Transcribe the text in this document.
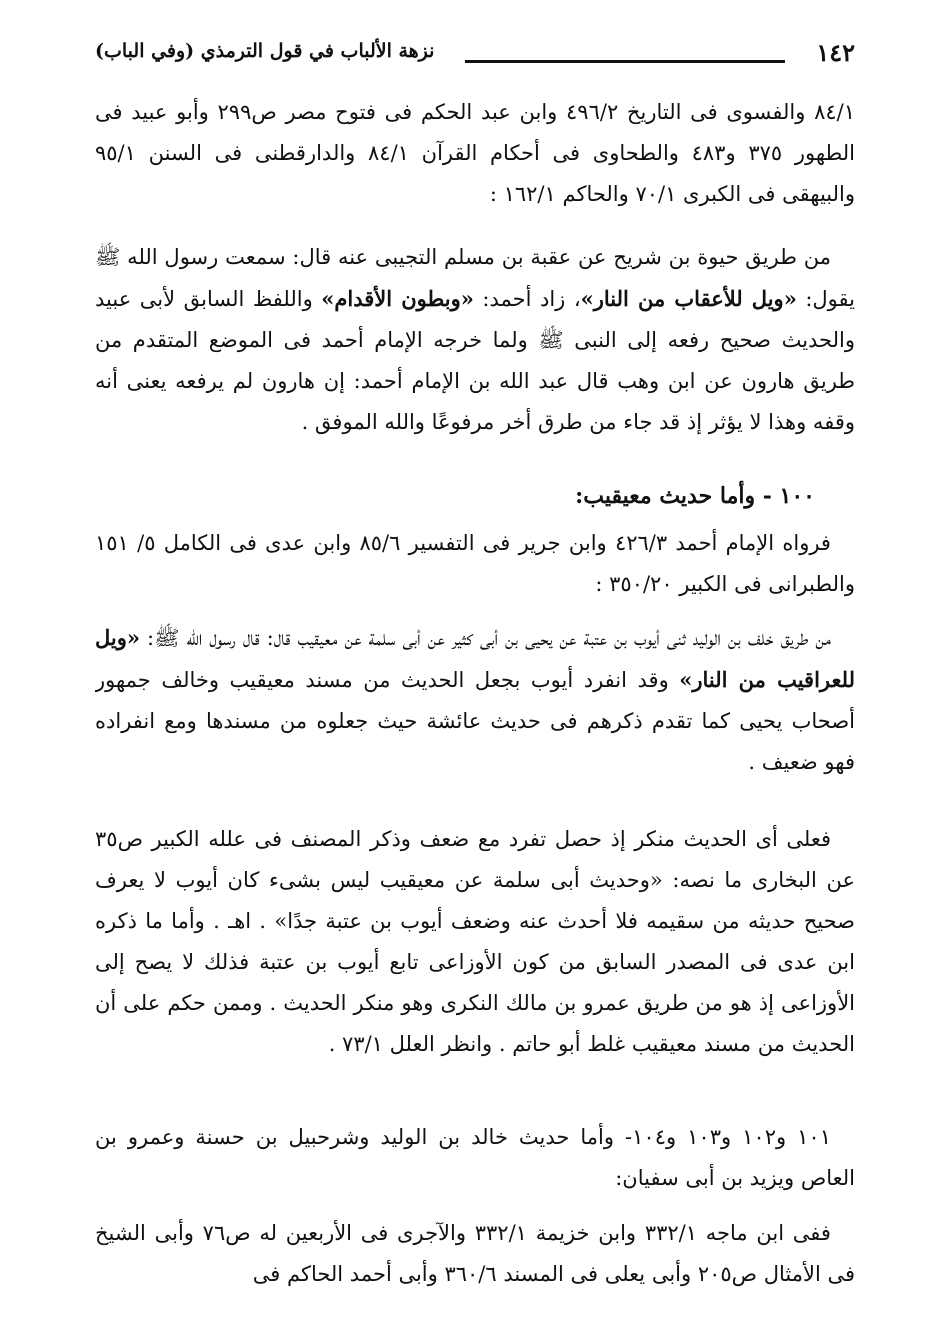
١٤٢
نزهة الألباب في قول الترمذي (وفي الباب)

٨٤/١ والفسوى فى التاريخ ٤٩٦/٢ وابن عبد الحكم فى فتوح مصر ص٢٩٩ وأبو عبيد فى الطهور ٣٧٥ و٤٨٣ والطحاوى فى أحكام القرآن ٨٤/١ والدارقطنى فى السنن ٩٥/١ والبيهقى فى الكبرى ٧٠/١ والحاكم ١٦٢/١ :

من طريق حيوة بن شريح عن عقبة بن مسلم التجيبى عنه قال: سمعت رسول الله ﷺ يقول: «ويل للأعقاب من النار»، زاد أحمد: «وبطون الأقدام» واللفظ السابق لأبى عبيد والحديث صحيح رفعه إلى النبى ﷺ ولما خرجه الإمام أحمد فى الموضع المتقدم من طريق هارون عن ابن وهب قال عبد الله بن الإمام أحمد: إن هارون لم يرفعه يعنى أنه وقفه وهذا لا يؤثر إذ قد جاء من طرق أخر مرفوعًا والله الموفق .

١٠٠ - وأما حديث معيقيب:

فرواه الإمام أحمد ٤٢٦/٣ وابن جرير فى التفسير ٨٥/٦ وابن عدى فى الكامل ٥/ ١٥١ والطبرانى فى الكبير ٣٥٠/٢٠ :

من طريق خلف بن الوليد ثنى أيوب بن عتبة عن يحيى بن أبى كثير عن أبى سلمة عن معيقيب قال: قال رسول الله ﷺ: «ويل للعراقيب من النار» وقد انفرد أيوب بجعل الحديث من مسند معيقيب وخالف جمهور أصحاب يحيى كما تقدم ذكرهم فى حديث عائشة حيث جعلوه من مسندها ومع انفراده فهو ضعيف .

فعلى أى الحديث منكر إذ حصل تفرد مع ضعف وذكر المصنف فى علله الكبير ص٣٥ عن البخارى ما نصه: «وحديث أبى سلمة عن معيقيب ليس بشىء كان أيوب لا يعرف صحيح حديثه من سقيمه فلا أحدث عنه وضعف أيوب بن عتبة جدًا» . اهـ . وأما ما ذكره ابن عدى فى المصدر السابق من كون الأوزاعى تابع أيوب بن عتبة فذلك لا يصح إلى الأوزاعى إذ هو من طريق عمرو بن مالك النكرى وهو منكر الحديث . وممن حكم على أن الحديث من مسند معيقيب غلط أبو حاتم . وانظر العلل ٧٣/١ .

١٠١ و١٠٢ و١٠٣ و١٠٤- وأما حديث خالد بن الوليد وشرحبيل بن حسنة وعمرو بن العاص ويزيد بن أبى سفيان:

ففى ابن ماجه ٣٣٢/١ وابن خزيمة ٣٣٢/١ والآجرى فى الأربعين له ص٧٦ وأبى الشيخ فى الأمثال ص٢٠٥ وأبى يعلى فى المسند ٣٦٠/٦ وأبى أحمد الحاكم فى
